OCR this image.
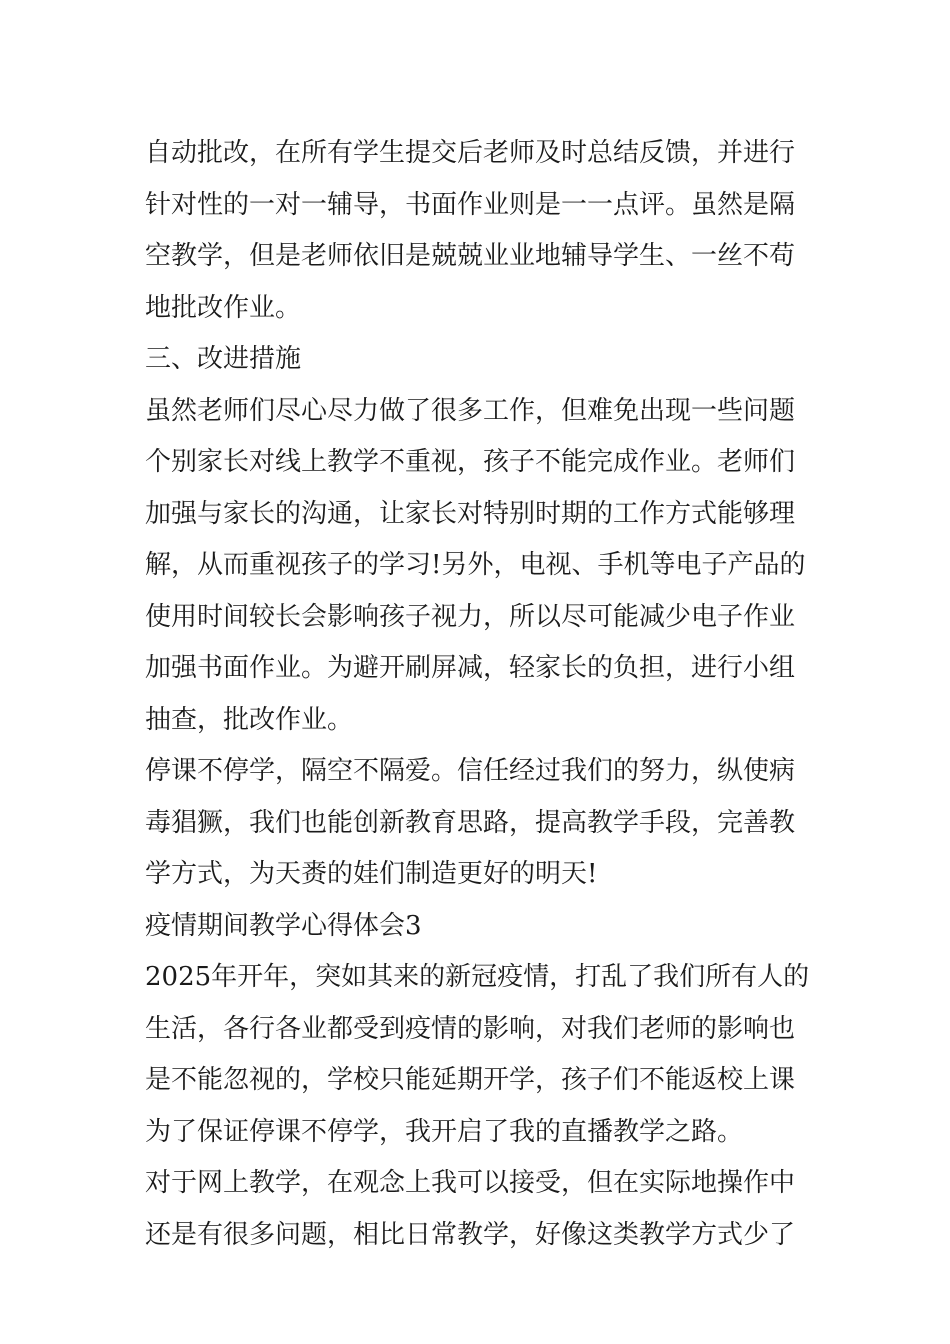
自动批改，在所有学生提交后老师及时总结反馈，并进行
针对性的一对一辅导，书面作业则是一一点评。虽然是隔
空教学，但是老师依旧是兢兢业业地辅导学生、一丝不苟
地批改作业。

三、改进措施

虽然老师们尽心尽力做了很多工作，但难免出现一些问题
个别家长对线上教学不重视，孩子不能完成作业。老师们
加强与家长的沟通，让家长对特别时期的工作方式能够理
解，从而重视孩子的学习!另外，电视、手机等电子产品的
使用时间较长会影响孩子视力，所以尽可能减少电子作业
加强书面作业。为避开刷屏减，轻家长的负担，进行小组
抽查，批改作业。

停课不停学，隔空不隔爱。信任经过我们的努力，纵使病
毒猖獗，我们也能创新教育思路，提高教学手段，完善教
学方式，为天赉的娃们制造更好的明天!

疫情期间教学心得体会3

2025年开年，突如其来的新冠疫情，打乱了我们所有人的
生活，各行各业都受到疫情的影响，对我们老师的影响也
是不能忽视的，学校只能延期开学，孩子们不能返校上课
为了保证停课不停学，我开启了我的直播教学之路。

对于网上教学，在观念上我可以接受，但在实际地操作中
还是有很多问题，相比日常教学，好像这类教学方式少了
